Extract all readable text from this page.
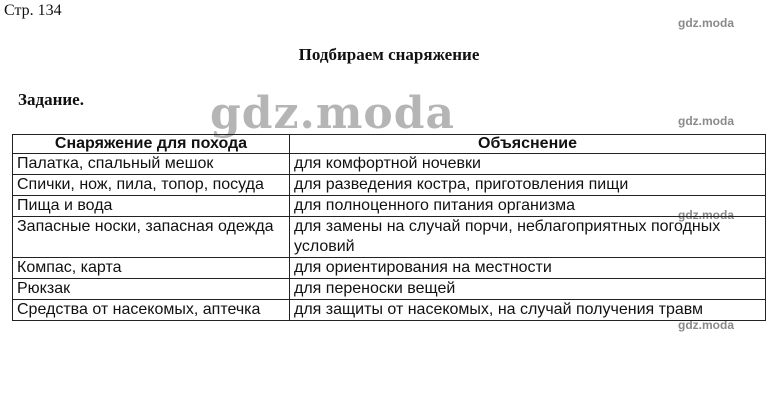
Стр. 134
gdz.moda
gdz.moda
gdz.moda
gdz.moda
gdz.moda
Подбираем снаряжение
Задание.
Снаряжение для похода	Объяснение
Палатка, спальный мешок	для комфортной ночевки
Спички, нож, пила, топор, посуда	для разведения костра, приготовления пищи
Пища и вода	для полноценного питания организма
Запасные носки, запасная одежда	для замены на случай порчи, неблагоприятных погодных условий
Компас, карта	для ориентирования на местности
Рюкзак	для переноски вещей
Средства от насекомых, аптечка	для защиты от насекомых, на случай получения травм
